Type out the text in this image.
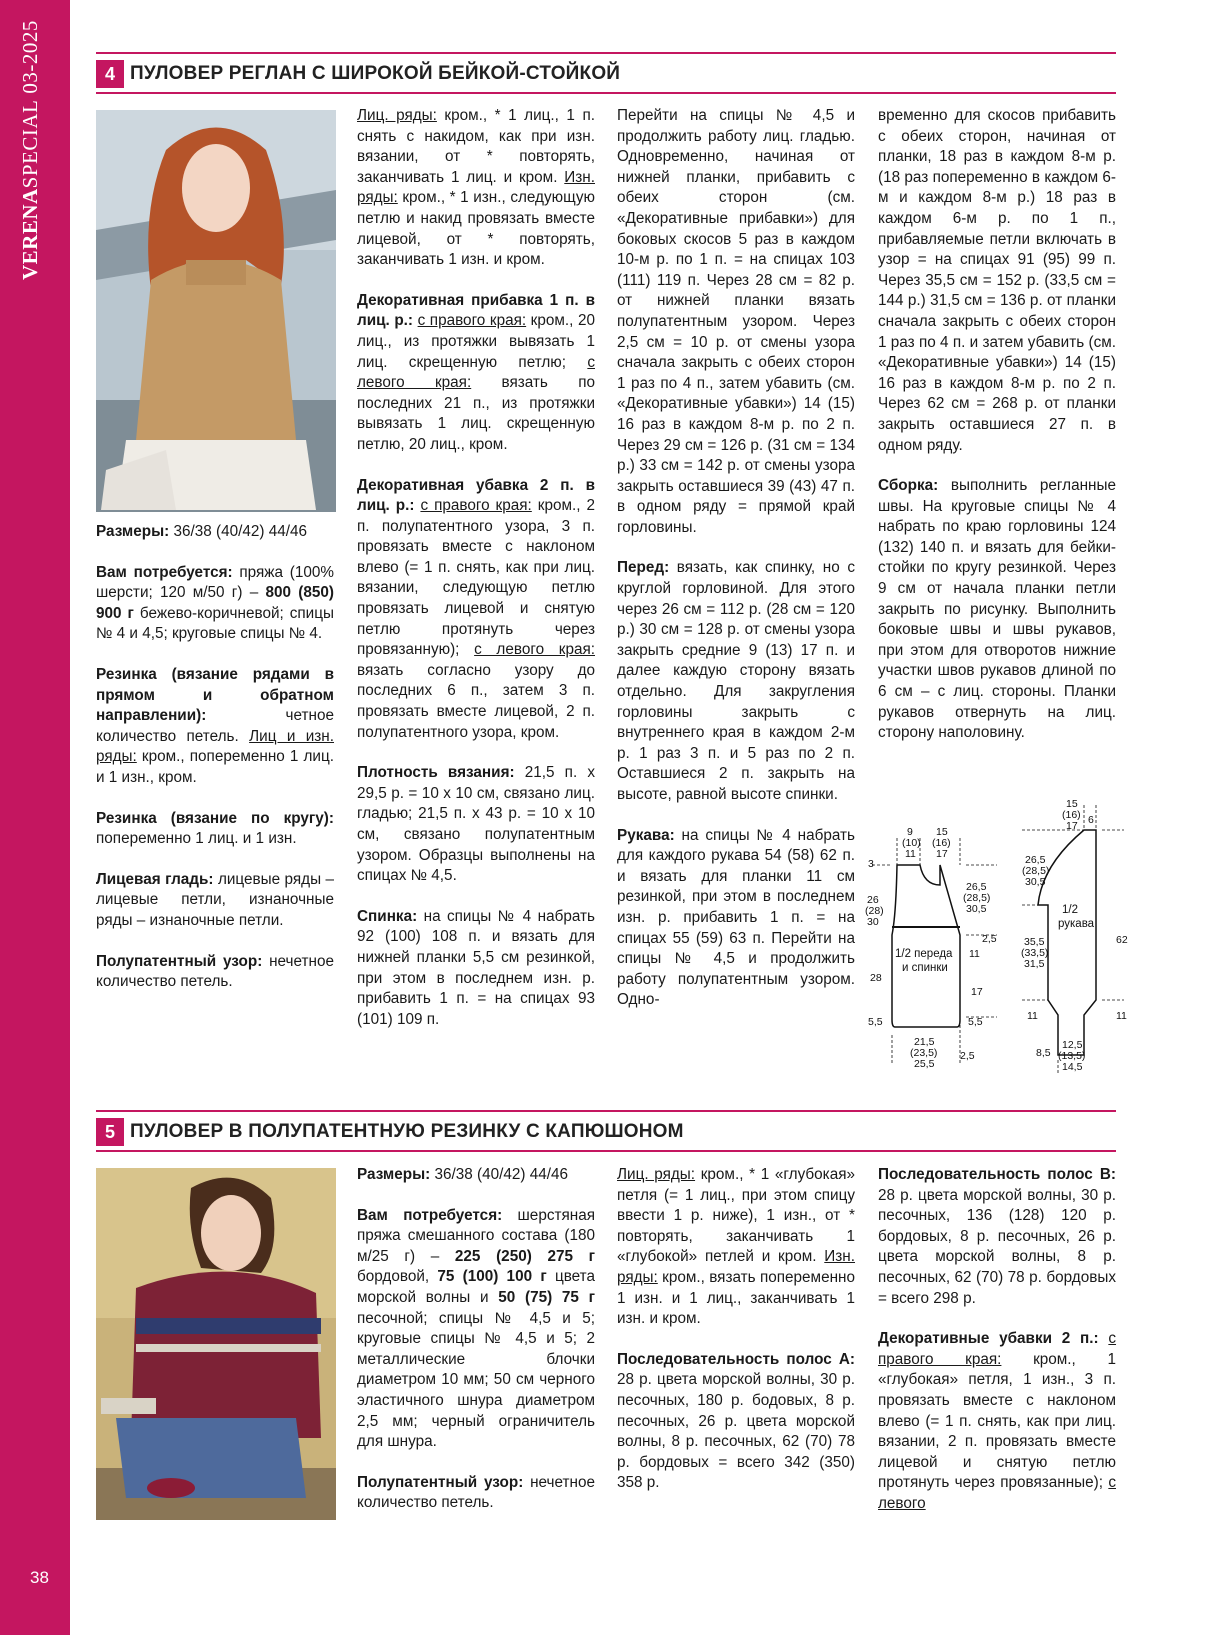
VERENASPECIAL03-2025
38
4 ПУЛОВЕР РЕГЛАН С ШИРОКОЙ БЕЙКОЙ-СТОЙКОЙ

Размеры: 36/38 (40/42) 44/46

Вам потребуется: пряжа (100% шерсти; 120 м/50 г) – 800 (850) 900 г бежево-коричневой; спицы № 4 и 4,5; круговые спицы № 4.

Резинка (вязание рядами в прямом и обратном направлении): четное количество петель. Лиц и изн. ряды: кром., попеременно 1 лиц. и 1 изн., кром.

Резинка (вязание по кругу): попеременно 1 лиц. и 1 изн.

Лицевая гладь: лицевые ряды – лицевые петли, изнаночные ряды – изнаночные петли.

Полупатентный узор: нечетное количество петель.

Лиц. ряды: кром., * 1 лиц., 1 п. снять с накидом, как при изн. вязании, от * повторять, заканчивать 1 лиц. и кром. Изн. ряды: кром., * 1 изн., следующую петлю и накид провязать вместе лицевой, от * повторять, заканчивать 1 изн. и кром.

Декоративная прибавка 1 п. в лиц. р.: с правого края: кром., 20 лиц., из протяжки вывязать 1 лиц. скрещенную петлю; с левого края: вязать по последних 21 п., из протяжки вывязать 1 лиц. скрещенную петлю, 20 лиц., кром.

Декоративная убавка 2 п. в лиц. р.: с правого края: кром., 2 п. полупатентного узора, 3 п. провязать вместе с наклоном влево (= 1 п. снять, как при лиц. вязании, следующую петлю провязать лицевой и снятую петлю протянуть через провязанную); с левого края: вязать согласно узору до последних 6 п., затем 3 п. провязать вместе лицевой, 2 п. полупатентного узора, кром.

Плотность вязания: 21,5 п. х 29,5 р. = 10 х 10 см, связано лиц. гладью; 21,5 п. х 43 р. = 10 х 10 см, связано полупатентным узором. Образцы выполнены на спицах № 4,5.

Спинка: на спицы № 4 набрать 92 (100) 108 п. и вязать для нижней планки 5,5 см резинкой, при этом в последнем изн. р. прибавить 1 п. = на спицах 93 (101) 109 п.

Перейти на спицы № 4,5 и продолжить работу лиц. гладью. Одновременно, начиная от нижней планки, прибавить с обеих сторон (см. «Декоративные прибавки») для боковых скосов 5 раз в каждом 10-м р. по 1 п. = на спицах 103 (111) 119 п. Через 28 см = 82 р. от нижней планки вязать полупатентным узором. Через 2,5 см = 10 р. от смены узора сначала закрыть с обеих сторон 1 раз по 4 п., затем убавить (см. «Декоративные убавки») 14 (15) 16 раз в каждом 8-м р. по 2 п. Через 29 см = 126 р. (31 см = 134 р.) 33 см = 142 р. от смены узора закрыть оставшиеся 39 (43) 47 п. в одном ряду = прямой край горловины.

Перед: вязать, как спинку, но с круглой горловиной. Для этого через 26 см = 112 р. (28 см = 120 р.) 30 см = 128 р. от смены узора закрыть средние 9 (13) 17 п. и далее каждую сторону вязать отдельно. Для закругления горловины закрыть с внутреннего края в каждом 2-м р. 1 раз 3 п. и 5 раз по 2 п. Оставшиеся 2 п. закрыть на высоте, равной высоте спинки.

Рукава: на спицы № 4 набрать для каждого рукава 54 (58) 62 п. и вязать для планки 11 см резинкой, при этом в последнем изн. р. прибавить 1 п. = на спицах 55 (59) 63 п. Перейти на спицы № 4,5 и продолжить работу полупатентным узором. Одно-

временно для скосов прибавить с обеих сторон, начиная от планки, 18 раз в каждом 8-м р. (18 раз попеременно в каждом 6-м и каждом 8-м р.) 18 раз в каждом 6-м р. по 1 п., прибавляемые петли включать в узор = на спицах 91 (95) 99 п. Через 35,5 см = 152 р. (33,5 см = 144 р.) 31,5 см = 136 р. от планки сначала закрыть с обеих сторон 1 раз по 4 п. и затем убавить (см. «Декоративные убавки») 14 (15) 16 раз в каждом 8-м р. по 2 п. Через 62 см = 268 р. от планки закрыть оставшиеся 27 п. в одном ряду.

Сборка: выполнить регланные швы. На круговые спицы № 4 набрать по краю горловины 124 (132) 140 п. и вязать для бейки-стойки по кругу резинкой. Через 9 см от начала планки петли закрыть по рисунку. Выполнить боковые швы и швы рукавов, при этом для отворотов нижние участки швов рукавов длиной по 6 см – с лиц. стороны. Планки рукавов отвернуть на лиц. сторону наполовину.

9
(10)
11
15
(16)
17
3
26
(28)
30
26,5
(28,5)
30,5
2,5
11
28
17
5,5	5,5
21,5
(23,5)
25,5
2,5
1/2 переда
и спинки
15
(16)
17 6
26,5
(28,5)
30,5
1/2
рукава
35,5
(33,5)
31,5
62
11	11
8,5
12,5
(13,5)
14,5
5 ПУЛОВЕР В ПОЛУПАТЕНТНУЮ РЕЗИНКУ С КАПЮШОНОМ

Размеры: 36/38 (40/42) 44/46

Вам потребуется: шерстяная пряжа смешанного состава (180 м/25 г) – 225 (250) 275 г бордовой, 75 (100) 100 г цвета морской волны и 50 (75) 75 г песочной; спицы № 4,5 и 5; круговые спицы № 4,5 и 5; 2 металлические блочки диаметром 10 мм; 50 см черного эластичного шнура диаметром 2,5 мм; черный ограничитель для шнура.

Полупатентный узор: нечетное количество петель.

Лиц. ряды: кром., * 1 «глубокая» петля (= 1 лиц., при этом спицу ввести 1 р. ниже), 1 изн., от * повторять, заканчивать 1 «глубокой» петлей и кром. Изн. ряды: кром., вязать попеременно 1 изн. и 1 лиц., заканчивать 1 изн. и кром.

Последовательность полос А: 28 р. цвета морской волны, 30 р. песочных, 180 р. бодовых, 8 р. песочных, 26 р. цвета морской волны, 8 р. песочных, 62 (70) 78 р. бордовых = всего 342 (350) 358 р.

Последовательность полос В: 28 р. цвета морской волны, 30 р. песочных, 136 (128) 120 р. бордовых, 8 р. песочных, 26 р. цвета морской волны, 8 р. песочных, 62 (70) 78 р. бордовых = всего 298 р.

Декоративные убавки 2 п.: с правого края: кром., 1 «глубокая» петля, 1 изн., 3 п. провязать вместе с наклоном влево (= 1 п. снять, как при лиц. вязании, 2 п. провязать вместе лицевой и снятую петлю протянуть через провязанные); с левого
